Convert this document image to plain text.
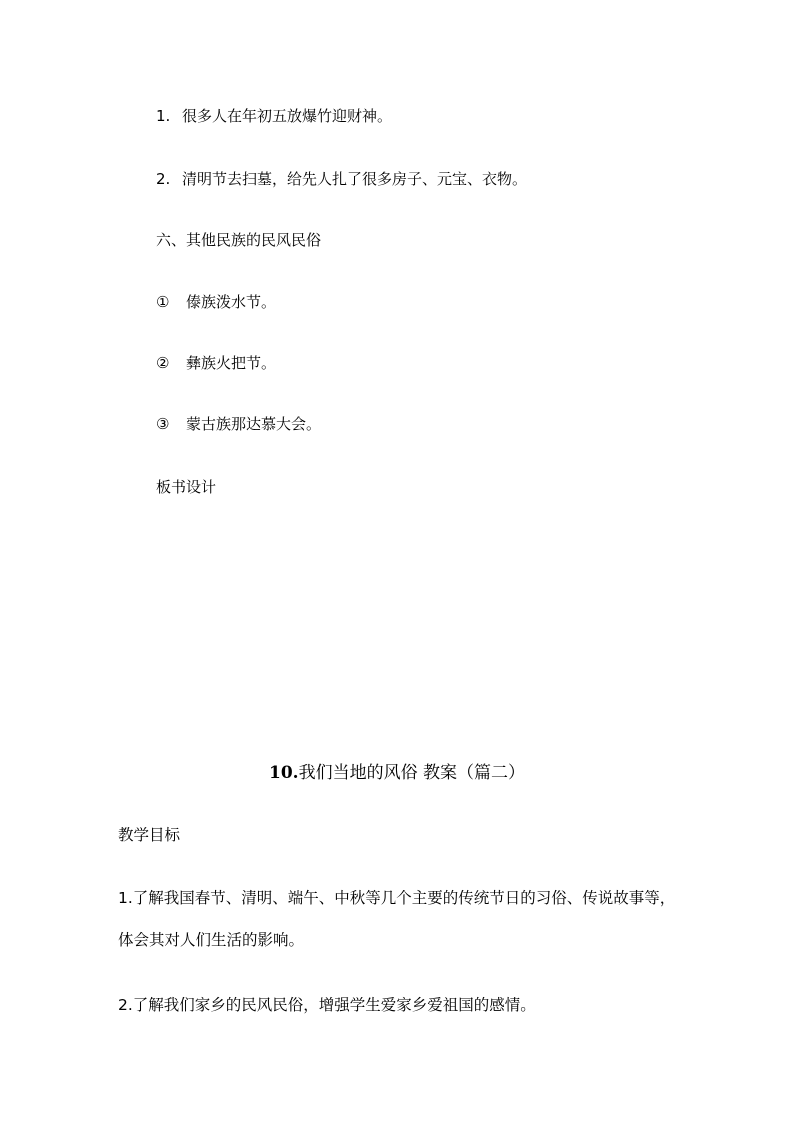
1. 很多人在年初五放爆竹迎财神。
2. 清明节去扫墓，给先人扎了很多房子、元宝、衣物。
六、其他民族的民风民俗
① 傣族泼水节。
② 彝族火把节。
③ 蒙古族那达慕大会。
板书设计
10.我们当地的风俗 教案（篇二）
教学目标
1.了解我国春节、清明、端午、中秋等几个主要的传统节日的习俗、传说故事等，
体会其对人们生活的影响。
2.了解我们家乡的民风民俗，增强学生爱家乡爱祖国的感情。
